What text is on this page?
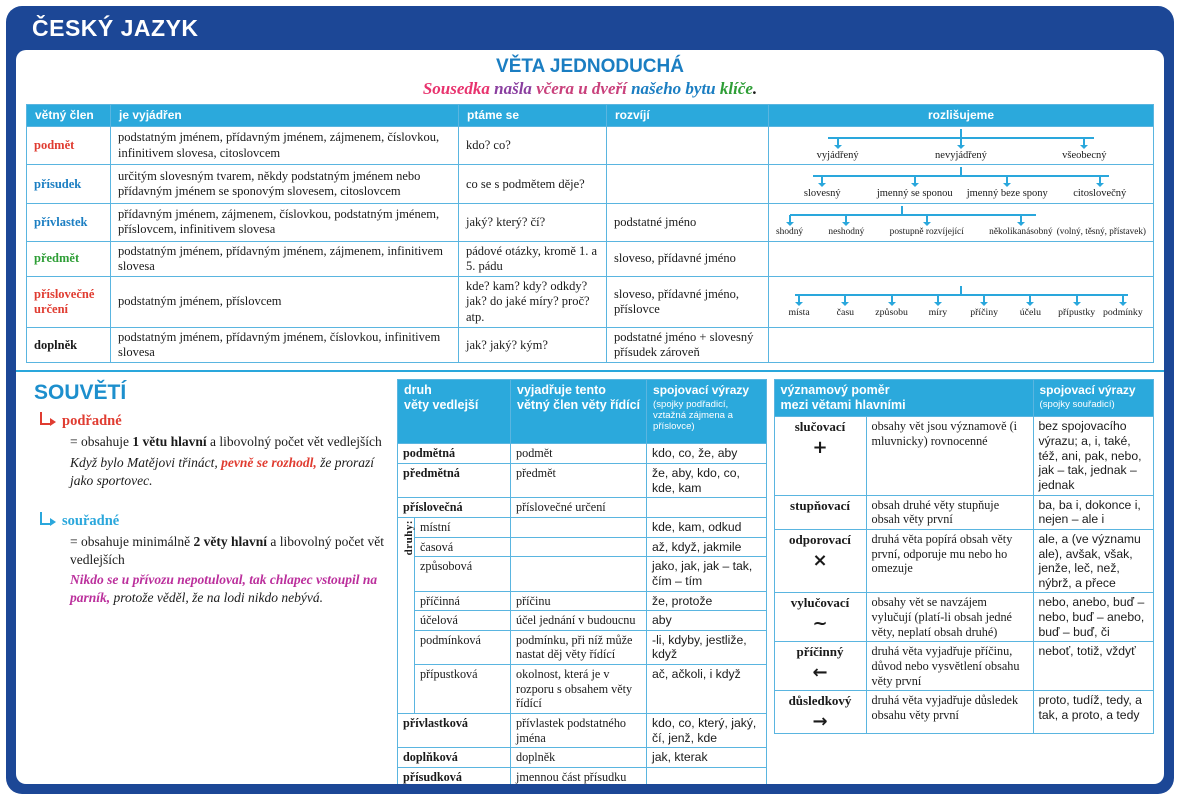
ČESKÝ JAZYK
VĚTA JEDNODUCHÁ
Sousedka našla včera u dveří našeho bytu klíče.
větný člen	je vyjádřen	ptáme se	rozvíjí	rozlišujeme
podmět	podstatným jménem, přídavným jménem, zájmenem, číslovkou, infinitivem slovesa, citoslovcem	kdo? co?		vyjádřený nevyjádřený všeobecný

přísudek	určitým slovesným tvarem, někdy podstatným jménem nebo přídavným jménem se sponovým slovesem, citoslovcem	co se s podmětem děje?		slovesný jmenný se sponou jmenný beze spony citoslovečný

přívlastek	přídavným jménem, zájmenem, číslovkou, podstatným jménem, příslovcem, infinitivem slovesa	jaký? který? čí?	podstatné jméno	shodný neshodný postupně rozvíjející několikanásobný (volný, těsný, přístavek)

předmět	podstatným jménem, přídavným jménem, zájmenem, infinitivem slovesa	pádové otázky, kromě 1. a 5. pádu	sloveso, přídavné jméno	
příslovečné určení	podstatným jménem, příslovcem	kde? kam? kdy? odkdy? jak? do jaké míry? proč? atp.	sloveso, přídavné jméno, příslovce	místa	času způsobu míry příčiny účelu přípustky podmínky

doplněk	podstatným jménem, přídavným jménem, číslovkou, infinitivem slovesa	jak? jaký? kým?	podstatné jméno + slovesný přísudek zároveň	
SOUVĚTÍ
podřadné
= obsahuje 1 větu hlavní a libovolný počet vět vedlejších
Když bylo Matějovi třináct, pevně se rozhodl, že prorazí jako sportovec.
souřadné
= obsahuje minimálně 2 věty hlavní a libovolný počet vět vedlejších
Nikdo se u přívozu nepotuloval, tak chlapec vstoupil na parník, protože věděl, že na lodi nikdo nebývá.
druh
věty vedlejší
	vyjadřuje tento větný člen věty řídící	
spojovací výrazy
(spojky podřadicí, vztažná zájmena a příslovce)

podmětná		podmět	kdo, co, že, aby
předmětná		předmět	že, aby, kdo, co, kde, kam
příslovečná		příslovečné určení	
druhy:	místní		kde, kam, odkud
	časová		až, když, jakmile
	způsobová		jako, jak, jak – tak, čím – tím
	příčinná	příčinu	že, protože
	účelová	účel jednání v budoucnu	aby
	podmínková	podmínku, při níž může nastat děj věty řídící	-li, kdyby, jestliže, když
	přípustková	okolnost, která je v rozporu s obsahem věty řídící	ač, ačkoli, i když
přívlastková		přívlastek podstatného jména	kdo, co, který, jaký, čí, jenž, kde
doplňková		doplněk	jak, kterak
přísudková		jmennou část přísudku	
významový poměr
mezi větami hlavními

spojovací výrazy
(spojky souřadicí)

slučovací
+	obsahy vět jsou významově (i mluvnicky) rovnocenné	bez spojovacího výrazu; a, i, také, též, ani, pak, nebo, jak – tak, jednak – jednak

stupňovací	obsah druhé věty stupňuje obsah věty první	ba, ba i, dokonce i, nejen – ale i

odporovací
×	druhá věta popírá obsah věty první, odporuje mu nebo ho omezuje	ale, a (ve významu ale), avšak, však, jenže, leč, než, nýbrž, a přece

vylučovací
~	obsahy vět se navzájem vylučují (platí-li obsah jedné věty, neplatí obsah druhé)	nebo, anebo, buď – nebo, buď – anebo, buď – buď, či

příčinný
←	druhá věta vyjadřuje příčinu, důvod nebo vysvětlení obsahu věty první	neboť, totiž, vždyť

důsledkový
→	druhá věta vyjadřuje důsledek obsahu věty první	proto, tudíž, tedy, a tak, a proto, a tedy
